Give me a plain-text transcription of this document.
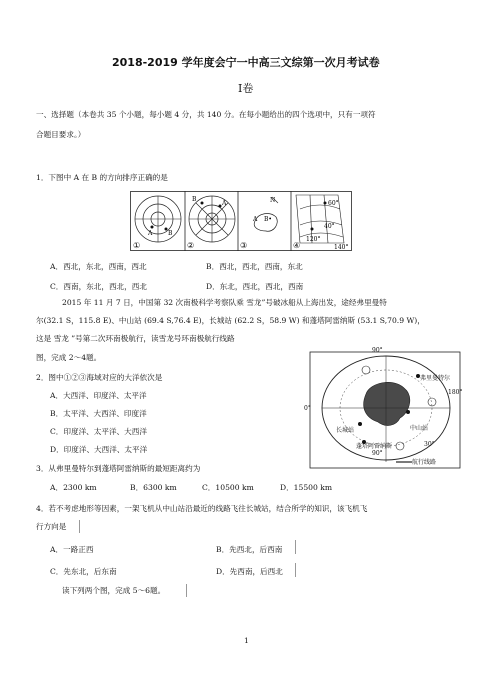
2018-2019 学年度会宁一中高三文综第一次月考试卷
Ⅰ卷
一、选择题（本卷共 35 个小题，每小题 4 分，共 140 分。在每小题给出的四个选项中，只有一项符
合题目要求。）
1．下图中 A 在 B 的方向排序正确的是
A	B
①
B
A
②
N
A B•
③
60°
40°
120°
140°
④
A．西北，东北，西南，西北	B．西北，西北，西南，东北
C．西南，东北，西北，西北	D．东北，西北，西北，西南
2015 年 11 月 7 日，中国第 32 次南极科学考察队乘 雪龙”号破冰船从上海出发，途经弗里曼特
尔(32.1 S，115.8 E)、中山站 (69.4 S,76.4 E)，长城站 (62.2 S，58.9 W) 和蓬塔阿雷纳斯 (53.1 S,70.9 W)，
这是 雪龙 ”号第二次环南极航行，读雪龙号环南极航行线路
图，完成 2～4题。
90°
0°
180°
90°
30°
弗里曼特尔
中山站
长城站
蓬塔阿雷纳斯
航行线路
2．图中①②③海域对应的大洋依次是
A．大西洋、印度洋、太平洋
B．太平洋、大西洋、印度洋
C．印度洋、太平洋、大西洋
D．印度洋、大西洋、太平洋
3．从弗里曼特尔到蓬塔阿雷纳斯的最短距离约为
A．2300 km	B．6300 km	C．10500 km	D．15500 km
4．若不考虑地形等因素，一架飞机从中山站沿最近的线路飞往长城站，结合所学的知识，该飞机飞
行方向是
A．一路正西	B．先西北，后西南
C．先东北，后东南	D．先西南，后西北
读下列两个图，完成 5～6题。
1
